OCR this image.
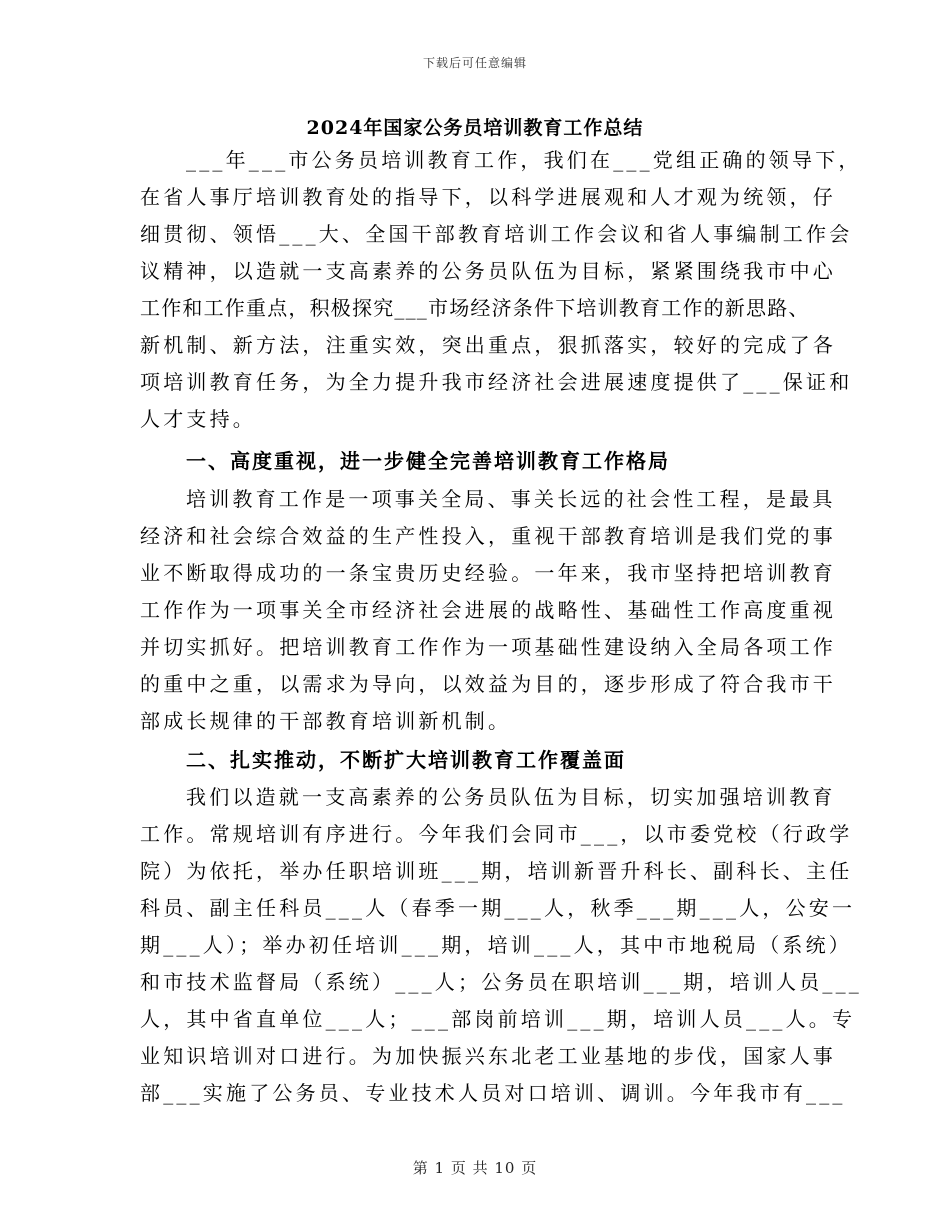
下载后可任意编辑
2024年国家公务员培训教育工作总结
___年___市公务员培训教育工作，我们在___党组正确的领导下，
在省人事厅培训教育处的指导下，以科学进展观和人才观为统领，仔
细贯彻、领悟___大、全国干部教育培训工作会议和省人事编制工作会
议精神，以造就一支高素养的公务员队伍为目标，紧紧围绕我市中心
工作和工作重点，积极探究___市场经济条件下培训教育工作的新思路、
新机制、新方法，注重实效，突出重点，狠抓落实，较好的完成了各
项培训教育任务，为全力提升我市经济社会进展速度提供了___保证和
人才支持。
一、高度重视，进一步健全完善培训教育工作格局
培训教育工作是一项事关全局、事关长远的社会性工程，是最具
经济和社会综合效益的生产性投入，重视干部教育培训是我们党的事
业不断取得成功的一条宝贵历史经验。一年来，我市坚持把培训教育
工作作为一项事关全市经济社会进展的战略性、基础性工作高度重视
并切实抓好。把培训教育工作作为一项基础性建设纳入全局各项工作
的重中之重，以需求为导向，以效益为目的，逐步形成了符合我市干
部成长规律的干部教育培训新机制。
二、扎实推动，不断扩大培训教育工作覆盖面
我们以造就一支高素养的公务员队伍为目标，切实加强培训教育
工作。常规培训有序进行。今年我们会同市___，以市委党校（行政学
院）为依托，举办任职培训班___期，培训新晋升科长、副科长、主任
科员、副主任科员___人（春季一期___人，秋季___期___人，公安一
期___人）；举办初任培训___期，培训___人，其中市地税局（系统）
和市技术监督局（系统）___人；公务员在职培训___期，培训人员___
人，其中省直单位___人；___部岗前培训___期，培训人员___人。专
业知识培训对口进行。为加快振兴东北老工业基地的步伐，国家人事
部___实施了公务员、专业技术人员对口培训、调训。今年我市有___
第 1 页 共 10 页
